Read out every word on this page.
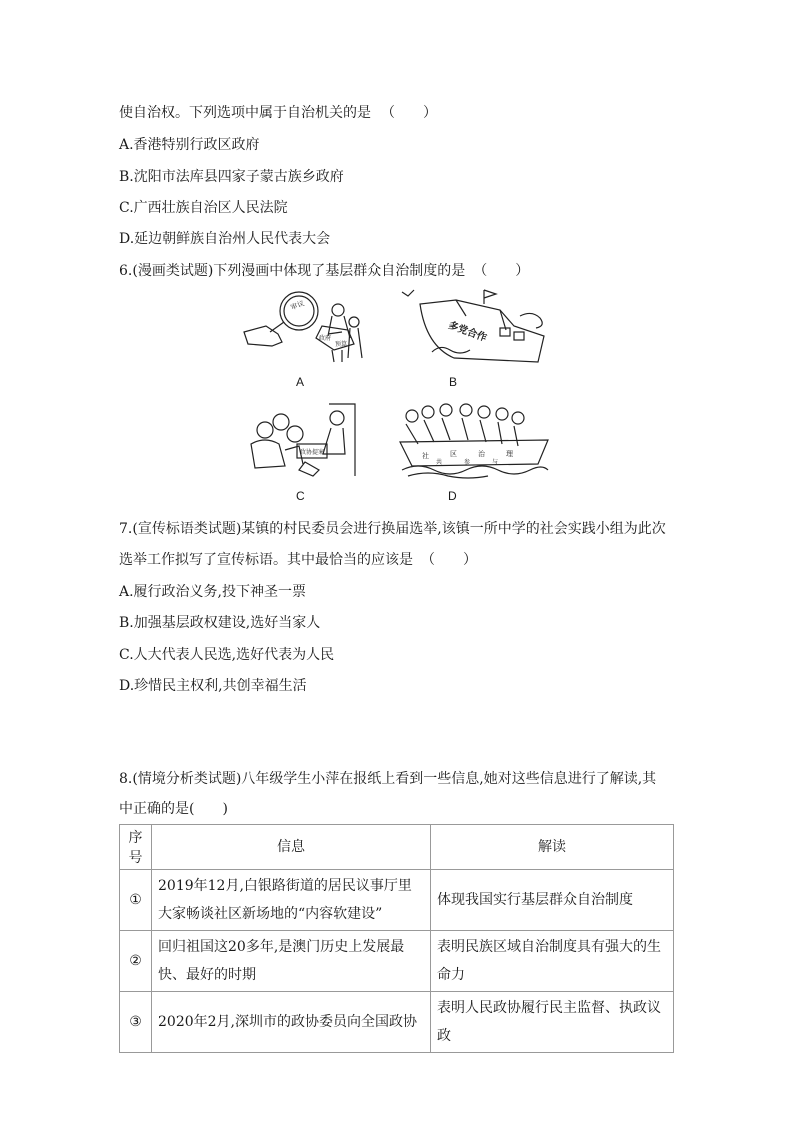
使自治权。下列选项中属于自治机关的是 （　　）
A.香港特别行政区政府
B.沈阳市法库县四家子蒙古族乡政府
C.广西壮族自治区人民法院
D.延边朝鲜族自治州人民代表大会
6.(漫画类试题)下列漫画中体现了基层群众自治制度的是 （　　）
审议
政府
预算
A
多党合作
B
政协提案
C
社	区	治	理
共	参	与
D
7.(宣传标语类试题)某镇的村民委员会进行换届选举,该镇一所中学的社会实践小组为此次
选举工作拟写了宣传标语。其中最恰当的应该是 （　　）
A.履行政治义务,投下神圣一票
B.加强基层政权建设,选好当家人
C.人大代表人民选,选好代表为人民
D.珍惜民主权利,共创幸福生活
8.(情境分析类试题)八年级学生小萍在报纸上看到一些信息,她对这些信息进行了解读,其
中正确的是(　　)
序号	信息	解读
①	2019年12月,白银路街道的居民议事厅里大家畅谈社区新场地的“内容软建设”	体现我国实行基层群众自治制度
②	回归祖国这20多年,是澳门历史上发展最快、最好的时期	表明民族区域自治制度具有强大的生命力
③	2020年2月,深圳市的政协委员向全国政协	表明人民政协履行民主监督、执政议政
